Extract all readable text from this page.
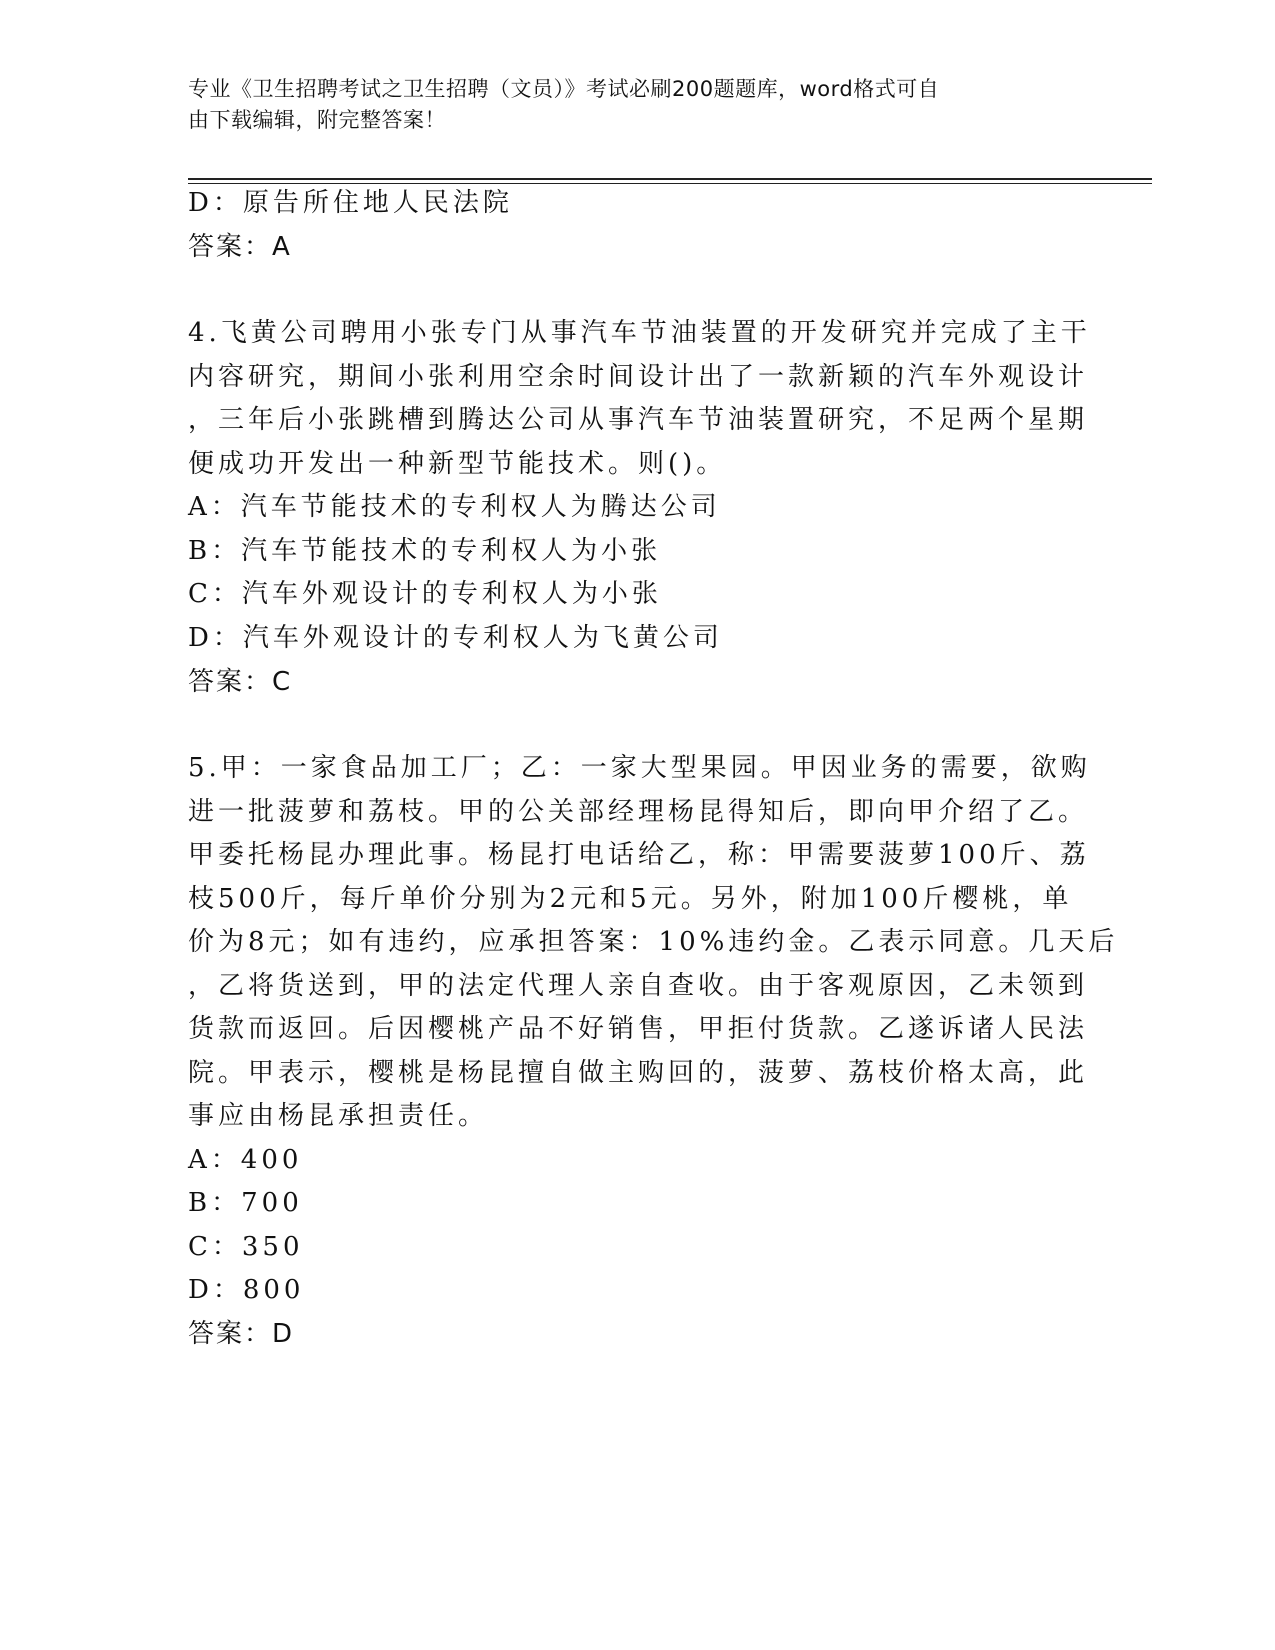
专业《卫生招聘考试之卫生招聘（文员）》考试必刷200题题库，word格式可自
由下载编辑，附完整答案！
D：原告所住地人民法院
答案：A
4.飞黄公司聘用小张专门从事汽车节油装置的开发研究并完成了主干
内容研究，期间小张利用空余时间设计出了一款新颖的汽车外观设计
，三年后小张跳槽到腾达公司从事汽车节油装置研究，不足两个星期
便成功开发出一种新型节能技术。则()。
A：汽车节能技术的专利权人为腾达公司
B：汽车节能技术的专利权人为小张
C：汽车外观设计的专利权人为小张
D：汽车外观设计的专利权人为飞黄公司
答案：C
5.甲：一家食品加工厂；乙：一家大型果园。甲因业务的需要，欲购
进一批菠萝和荔枝。甲的公关部经理杨昆得知后，即向甲介绍了乙。
甲委托杨昆办理此事。杨昆打电话给乙，称：甲需要菠萝100斤、荔
枝500斤，每斤单价分别为2元和5元。另外，附加100斤樱桃，单
价为8元；如有违约，应承担答案：10%违约金。乙表示同意。几天后
，乙将货送到，甲的法定代理人亲自查收。由于客观原因，乙未领到
货款而返回。后因樱桃产品不好销售，甲拒付货款。乙遂诉诸人民法
院。甲表示，樱桃是杨昆擅自做主购回的，菠萝、荔枝价格太高，此
事应由杨昆承担责任。
A：400
B：700
C：350
D：800
答案：D
